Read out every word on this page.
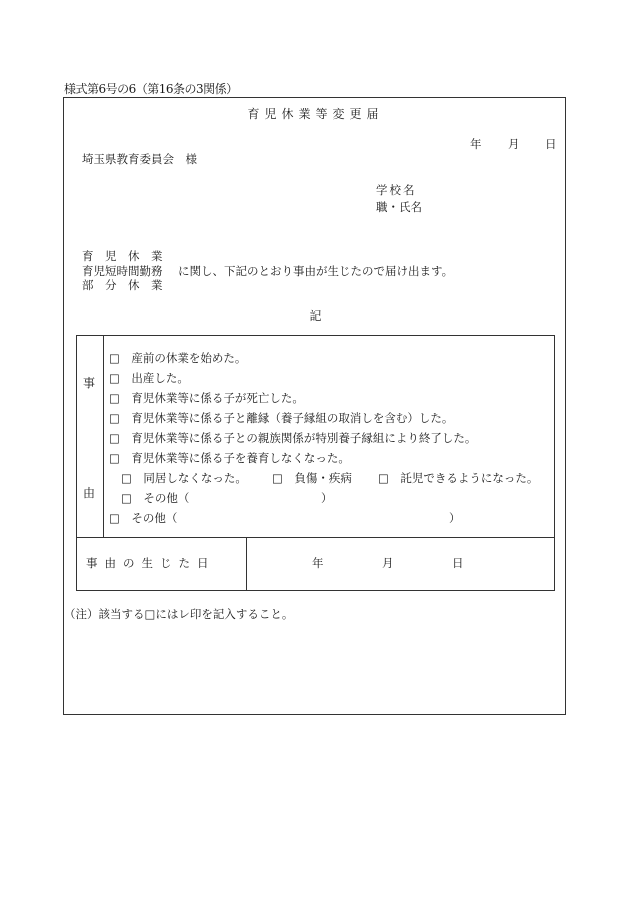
様式第6号の6（第16条の3関係）
育児休業等変更届
年 月 日
埼玉県教育委員会　様
学校名
職・氏名
育　児　休　業
育児短時間勤務
部　分　休　業
に関し、下記のとおり事由が生じたので届け出ます。
記
事
由
□　産前の休業を始めた。
□　出産した。
□　育児休業等に係る子が死亡した。
□　育児休業等に係る子と離縁（養子縁組の取消しを含む）した。
□　育児休業等に係る子との親族関係が特別養子縁組により終了した。
□　育児休業等に係る子を養育しなくなった。
□　同居しなくなった。 □　負傷・疾病 □　託児できるようになった。
□　その他（	）
□　その他（	）
事由の生じた日	年	月	日
（注）該当する□にはレ印を記入すること。
